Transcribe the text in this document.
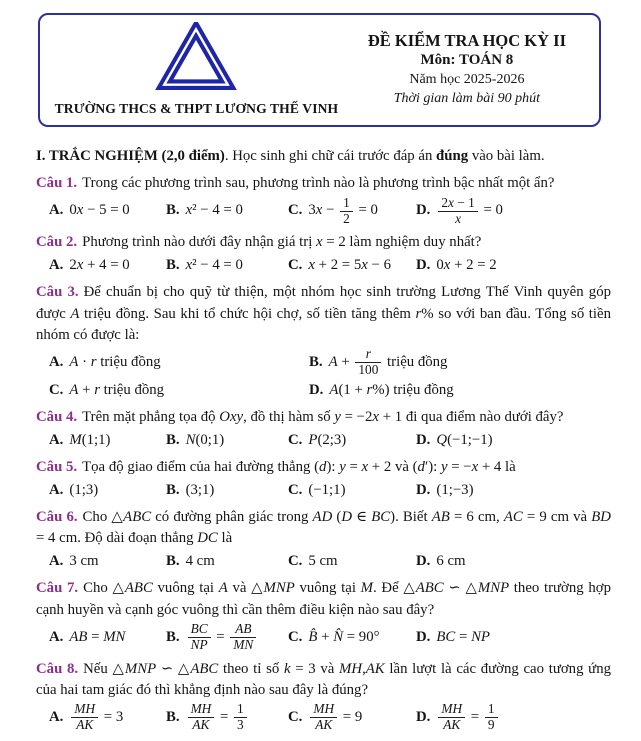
TRƯỜNG THCS & THPT LƯƠNG THẾ VINH
ĐỀ KIỂM TRA HỌC KỲ II
Môn: TOÁN 8
Năm học 2025-2026
Thời gian làm bài 90 phút
I. TRẮC NGHIỆM (2,0 điểm). Học sinh ghi chữ cái trước đáp án đúng vào bài làm.
Câu 1. Trong các phương trình sau, phương trình nào là phương trình bậc nhất một ẩn?
A. 0x − 5 = 0	B. x² − 4 = 0	C. $3x - \frac{1}{2} = 0$	D. $\frac{2x - 1}{x} = 0$
Câu 2. Phương trình nào dưới đây nhận giá trị x = 2 làm nghiệm duy nhất?
A. 2x + 4 = 0	B. x² − 4 = 0	C. x + 2 = 5x − 6	D. 0x + 2 = 2
Câu 3. Để chuẩn bị cho quỹ từ thiện, một nhóm học sinh trường Lương Thế Vinh quyên góp được A triệu đồng. Sau khi tổ chức hội chợ, số tiền tăng thêm r% so với ban đầu. Tổng số tiền nhóm có được là:
A. A · r triệu đồng	B. $A + \frac{r}{100}$ triệu đồng
C. A + r triệu đồng	D. A(1 + r%) triệu đồng
Câu 4. Trên mặt phẳng tọa độ Oxy, đồ thị hàm số y = −2x + 1 đi qua điểm nào dưới đây?
A. M(1;1)	B. N(0;1)	C. P(2;3)	D. Q(−1;−1)
Câu 5. Tọa độ giao điểm của hai đường thẳng (d): y = x + 2 và (d′): y = −x + 4 là
A. (1;3)	B. (3;1)	C. (−1;1)	D. (1;−3)
Câu 6. Cho △ABC có đường phân giác trong AD (D ∈ BC). Biết AB = 6 cm, AC = 9 cm và BD = 4 cm. Độ dài đoạn thẳng DC là
A. 3 cm	B. 4 cm	C. 5 cm	D. 6 cm
Câu 7. Cho △ABC vuông tại A và △MNP vuông tại M. Để △ABC ∽ △MNP theo trường hợp cạnh huyền và cạnh góc vuông thì cần thêm điều kiện nào sau đây?
A. AB = MN	B. $\frac{BC}{NP} = \frac{AB}{MN} C$. B̂ + N̂ = 90°	D. BC = NP
Câu 8. Nếu △MNP ∽ △ABC theo tỉ số k = 3 và MH,AK lần lượt là các đường cao tương ứng của hai tam giác đó thì khẳng định nào sau đây là đúng?
A. $\frac{MH}{AK} = 3$	B. $\frac{MH}{AK} = \frac{1}{3}$	C. $\frac{MH}{AK} = 9$	D. $\frac{MH}{AK} = \frac{1}{9}$
